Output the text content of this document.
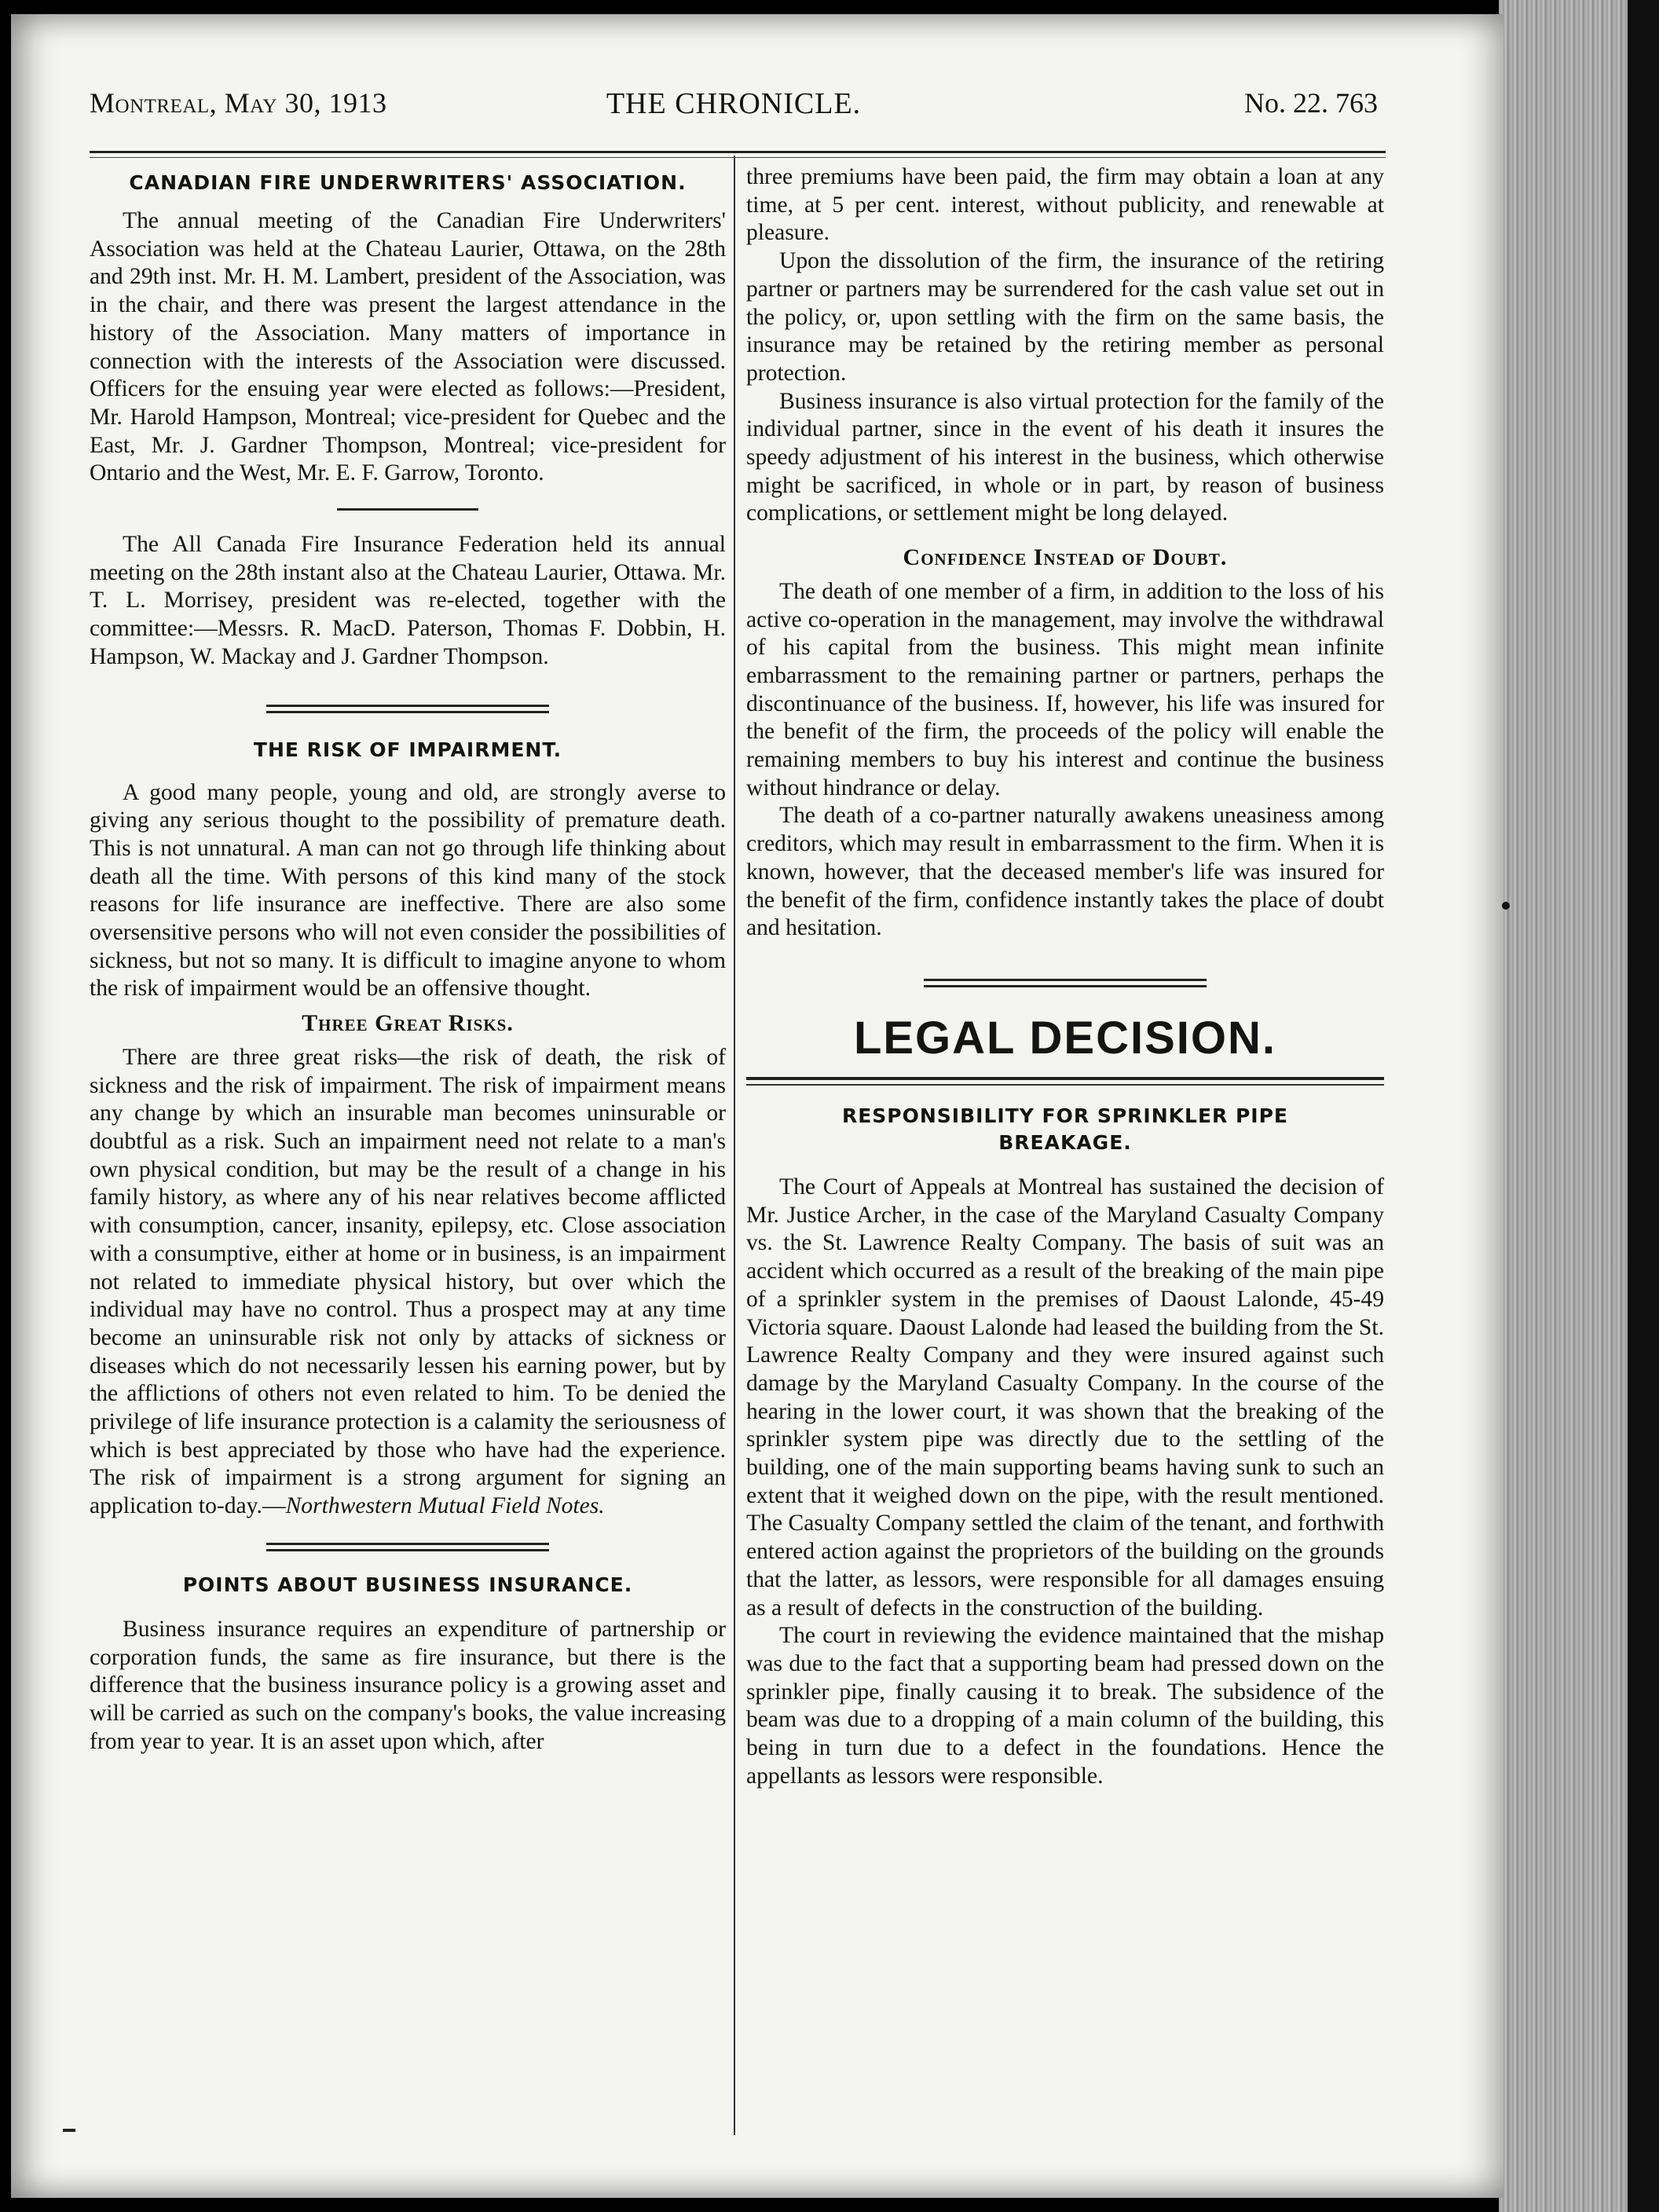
Montreal, May 30, 1913	THE CHRONICLE.	No. 22. 763
CANADIAN FIRE UNDERWRITERS' ASSOCIATION.

The annual meeting of the Canadian Fire Underwriters' Association was held at the Chateau Laurier, Ottawa, on the 28th and 29th inst. Mr. H. M. Lambert, president of the Association, was in the chair, and there was present the largest attendance in the history of the Association. Many matters of importance in connection with the interests of the Association were discussed. Officers for the ensuing year were elected as follows:—President, Mr. Harold Hampson, Montreal; vice-president for Quebec and the East, Mr. J. Gardner Thompson, Montreal; vice-president for Ontario and the West, Mr. E. F. Garrow, Toronto.

The All Canada Fire Insurance Federation held its annual meeting on the 28th instant also at the Chateau Laurier, Ottawa. Mr. T. L. Morrisey, president was re-elected, together with the committee:—Messrs. R. MacD. Paterson, Thomas F. Dobbin, H. Hampson, W. Mackay and J. Gardner Thompson.

THE RISK OF IMPAIRMENT.

A good many people, young and old, are strongly averse to giving any serious thought to the possibility of premature death. This is not unnatural. A man can not go through life thinking about death all the time. With persons of this kind many of the stock reasons for life insurance are ineffective. There are also some oversensitive persons who will not even consider the possibilities of sickness, but not so many. It is difficult to imagine anyone to whom the risk of impairment would be an offensive thought.

Three Great Risks.

There are three great risks—the risk of death, the risk of sickness and the risk of impairment. The risk of impairment means any change by which an insurable man becomes uninsurable or doubtful as a risk. Such an impairment need not relate to a man's own physical condition, but may be the result of a change in his family history, as where any of his near relatives become afflicted with consumption, cancer, insanity, epilepsy, etc. Close association with a consumptive, either at home or in business, is an impairment not related to immediate physical history, but over which the individual may have no control. Thus a prospect may at any time become an uninsurable risk not only by attacks of sickness or diseases which do not necessarily lessen his earning power, but by the afflictions of others not even related to him. To be denied the privilege of life insurance protection is a calamity the seriousness of which is best appreciated by those who have had the experience. The risk of impairment is a strong argument for signing an application to-day.—Northwestern Mutual Field Notes.

POINTS ABOUT BUSINESS INSURANCE.

Business insurance requires an expenditure of partnership or corporation funds, the same as fire insurance, but there is the difference that the business insurance policy is a growing asset and will be carried as such on the company's books, the value increasing from year to year. It is an asset upon which, after

three premiums have been paid, the firm may obtain a loan at any time, at 5 per cent. interest, without publicity, and renewable at pleasure.

Upon the dissolution of the firm, the insurance of the retiring partner or partners may be surrendered for the cash value set out in the policy, or, upon settling with the firm on the same basis, the insurance may be retained by the retiring member as personal protection.

Business insurance is also virtual protection for the family of the individual partner, since in the event of his death it insures the speedy adjustment of his interest in the business, which otherwise might be sacrificed, in whole or in part, by reason of business complications, or settlement might be long delayed.

Confidence Instead of Doubt.

The death of one member of a firm, in addition to the loss of his active co-operation in the management, may involve the withdrawal of his capital from the business. This might mean infinite embarrassment to the remaining partner or partners, perhaps the discontinuance of the business. If, however, his life was insured for the benefit of the firm, the proceeds of the policy will enable the remaining members to buy his interest and continue the business without hindrance or delay.

The death of a co-partner naturally awakens uneasiness among creditors, which may result in embarrassment to the firm. When it is known, however, that the deceased member's life was insured for the benefit of the firm, confidence instantly takes the place of doubt and hesitation.

LEGAL DECISION.
RESPONSIBILITY FOR SPRINKLER PIPE
BREAKAGE.

The Court of Appeals at Montreal has sustained the decision of Mr. Justice Archer, in the case of the Maryland Casualty Company vs. the St. Lawrence Realty Company. The basis of suit was an accident which occurred as a result of the breaking of the main pipe of a sprinkler system in the premises of Daoust Lalonde, 45-49 Victoria square. Daoust Lalonde had leased the building from the St. Lawrence Realty Company and they were insured against such damage by the Maryland Casualty Company. In the course of the hearing in the lower court, it was shown that the breaking of the sprinkler system pipe was directly due to the settling of the building, one of the main supporting beams having sunk to such an extent that it weighed down on the pipe, with the result mentioned. The Casualty Company settled the claim of the tenant, and forthwith entered action against the proprietors of the building on the grounds that the latter, as lessors, were responsible for all damages ensuing as a result of defects in the construction of the building.

The court in reviewing the evidence maintained that the mishap was due to the fact that a supporting beam had pressed down on the sprinkler pipe, finally causing it to break. The subsidence of the beam was due to a dropping of a main column of the building, this being in turn due to a defect in the foundations. Hence the appellants as lessors were responsible.
